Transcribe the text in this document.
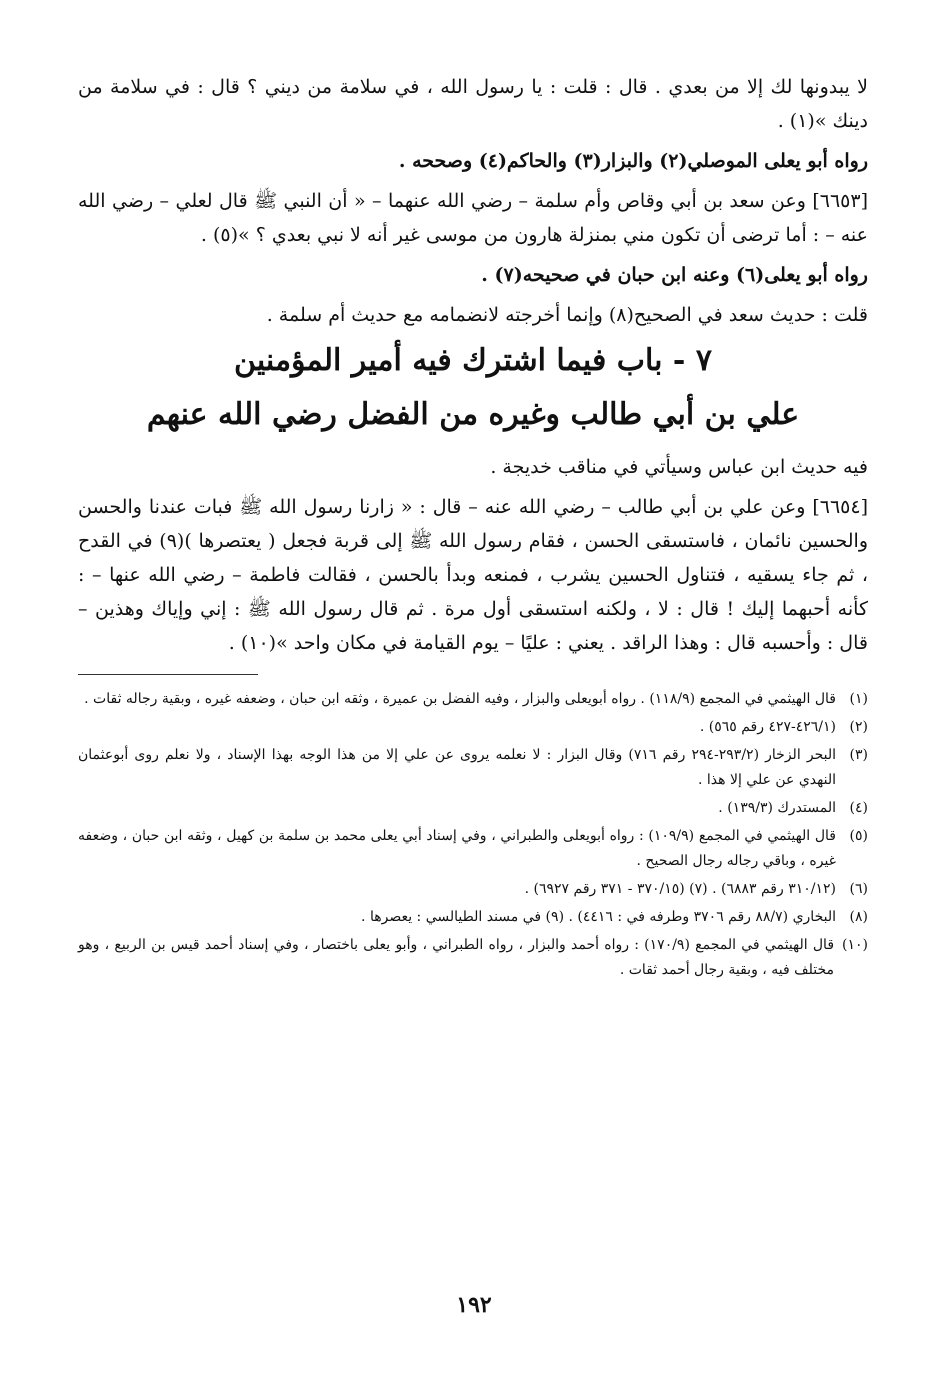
لا يبدونها لك إلا من بعدي . قال : قلت : يا رسول الله ، في سلامة من ديني ؟ قال : في سلامة من دينك »(١) .

رواه أبو يعلى الموصلي(٢) والبزار(٣) والحاكم(٤) وصححه .

[٦٦٥٣] وعن سعد بن أبي وقاص وأم سلمة – رضي الله عنهما – « أن النبي ﷺ قال لعلي – رضي الله عنه – : أما ترضى أن تكون مني بمنزلة هارون من موسى غير أنه لا نبي بعدي ؟ »(٥) .

رواه أبو يعلى(٦) وعنه ابن حبان في صحيحه(٧) .

قلت : حديث سعد في الصحيح(٨) وإنما أخرجته لانضمامه مع حديث أم سلمة .

٧ - باب فيما اشترك فيه أمير المؤمنين
علي بن أبي طالب وغيره من الفضل رضي الله عنهم

فيه حديث ابن عباس وسيأتي في مناقب خديجة .

[٦٦٥٤] وعن علي بن أبي طالب – رضي الله عنه – قال : « زارنا رسول الله ﷺ فبات عندنا والحسن والحسين نائمان ، فاستسقى الحسن ، فقام رسول الله ﷺ إلى قربة فجعل ( يعتصرها )(٩) في القدح ، ثم جاء يسقيه ، فتناول الحسين يشرب ، فمنعه وبدأ بالحسن ، فقالت فاطمة – رضي الله عنها – : كأنه أحبهما إليك ! قال : لا ، ولكنه استسقى أول مرة . ثم قال رسول الله ﷺ : إني وإياك وهذين – قال : وأحسبه قال : وهذا الراقد . يعني : عليًا – يوم القيامة في مكان واحد »(١٠) .

(١)
قال الهيثمي في المجمع (١١٨/٩) . رواه أبويعلى والبزار ، وفيه الفضل بن عميرة ، وثقه ابن حبان ، وضعفه غيره ، وبقية رجاله ثقات .
(٢)
(٤٢٦/١-٤٢٧ رقم ٥٦٥) .
(٣)
البحر الزخار (٢٩٣/٢-٢٩٤ رقم ٧١٦) وقال البزار : لا نعلمه يروى عن علي إلا من هذا الوجه بهذا الإسناد ، ولا نعلم روى أبوعثمان النهدي عن علي إلا هذا .
(٤)
المستدرك (١٣٩/٣) .
(٥)
قال الهيثمي في المجمع (١٠٩/٩) : رواه أبويعلى والطبراني ، وفي إسناد أبي يعلى محمد بن سلمة بن كهيل ، وثقه ابن حبان ، وضعفه غيره ، وباقي رجاله رجال الصحيح .
(٦)
(٣١٠/١٢ رقم ٦٨٨٣) . (٧) (٣٧٠/١٥ - ٣٧١ رقم ٦٩٢٧) .
(٨)
البخاري (٨٨/٧ رقم ٣٧٠٦ وطرفه في : ٤٤١٦) . (٩) في مسند الطيالسي : يعصرها .
(١٠)
قال الهيثمي في المجمع (١٧٠/٩) : رواه أحمد والبزار ، رواه الطبراني ، وأبو يعلى باختصار ، وفي إسناد أحمد قيس بن الربيع ، وهو مختلف فيه ، وبقية رجال أحمد ثقات .
١٩٢
